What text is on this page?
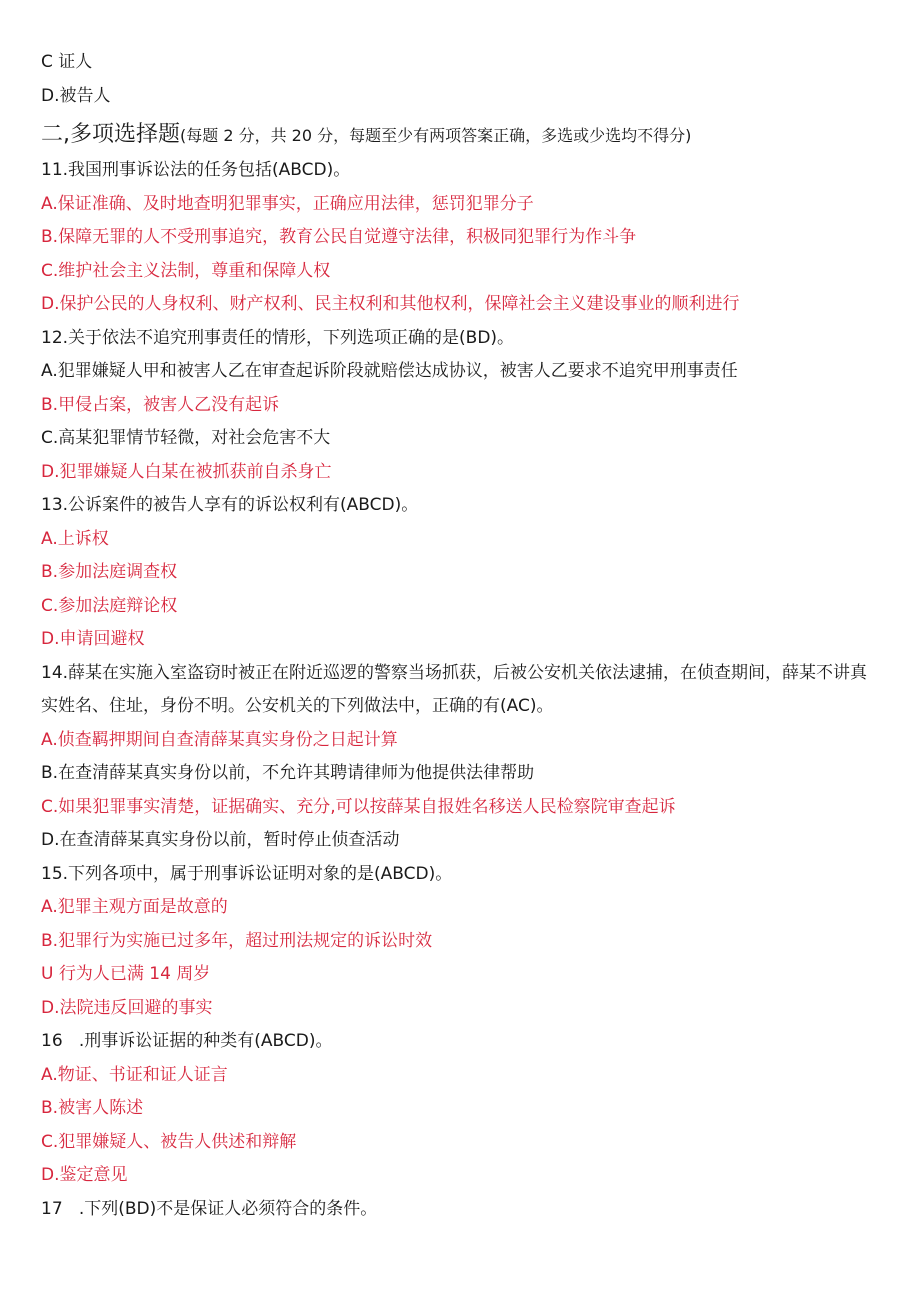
C 证人
D.被告人
二,多项选择题(每题 2 分，共 20 分，每题至少有两项答案正确，多选或少选均不得分)
11.我国刑事诉讼法的任务包括(ABCD)。
A.保证准确、及时地查明犯罪事实，正确应用法律，惩罚犯罪分子
B.保障无罪的人不受刑事追究，教育公民自觉遵守法律，积极同犯罪行为作斗争
C.维护社会主义法制，尊重和保障人权
D.保护公民的人身权利、财产权利、民主权利和其他权利，保障社会主义建设事业的顺利进行
12.关于依法不追究刑事责任的情形，下列选项正确的是(BD)。
A.犯罪嫌疑人甲和被害人乙在审查起诉阶段就赔偿达成协议，被害人乙要求不追究甲刑事责任
B.甲侵占案，被害人乙没有起诉
C.高某犯罪情节轻微，对社会危害不大
D.犯罪嫌疑人白某在被抓获前自杀身亡
13.公诉案件的被告人享有的诉讼权利有(ABCD)。
A.上诉权
B.参加法庭调查权
C.参加法庭辩论权
D.申请回避权
14.薛某在实施入室盗窃时被正在附近巡逻的警察当场抓获，后被公安机关依法逮捕，在侦查期间，薛某不讲真实姓名、住址，身份不明。公安机关的下列做法中，正确的有(AC)。
A.侦查羁押期间自查清薛某真实身份之日起计算
B.在查清薛某真实身份以前，不允许其聘请律师为他提供法律帮助
C.如果犯罪事实清楚，证据确实、充分,可以按薛某自报姓名移送人民检察院审查起诉
D.在查清薛某真实身份以前，暂时停止侦查活动
15.下列各项中，属于刑事诉讼证明对象的是(ABCD)。
A.犯罪主观方面是故意的
B.犯罪行为实施已过多年，超过刑法规定的诉讼时效
U 行为人已满 14 周岁
D.法院违反回避的事实
16   .刑事诉讼证据的种类有(ABCD)。
A.物证、书证和证人证言
B.被害人陈述
C.犯罪嫌疑人、被告人供述和辩解
D.鉴定意见
17   .下列(BD)不是保证人必须符合的条件。
